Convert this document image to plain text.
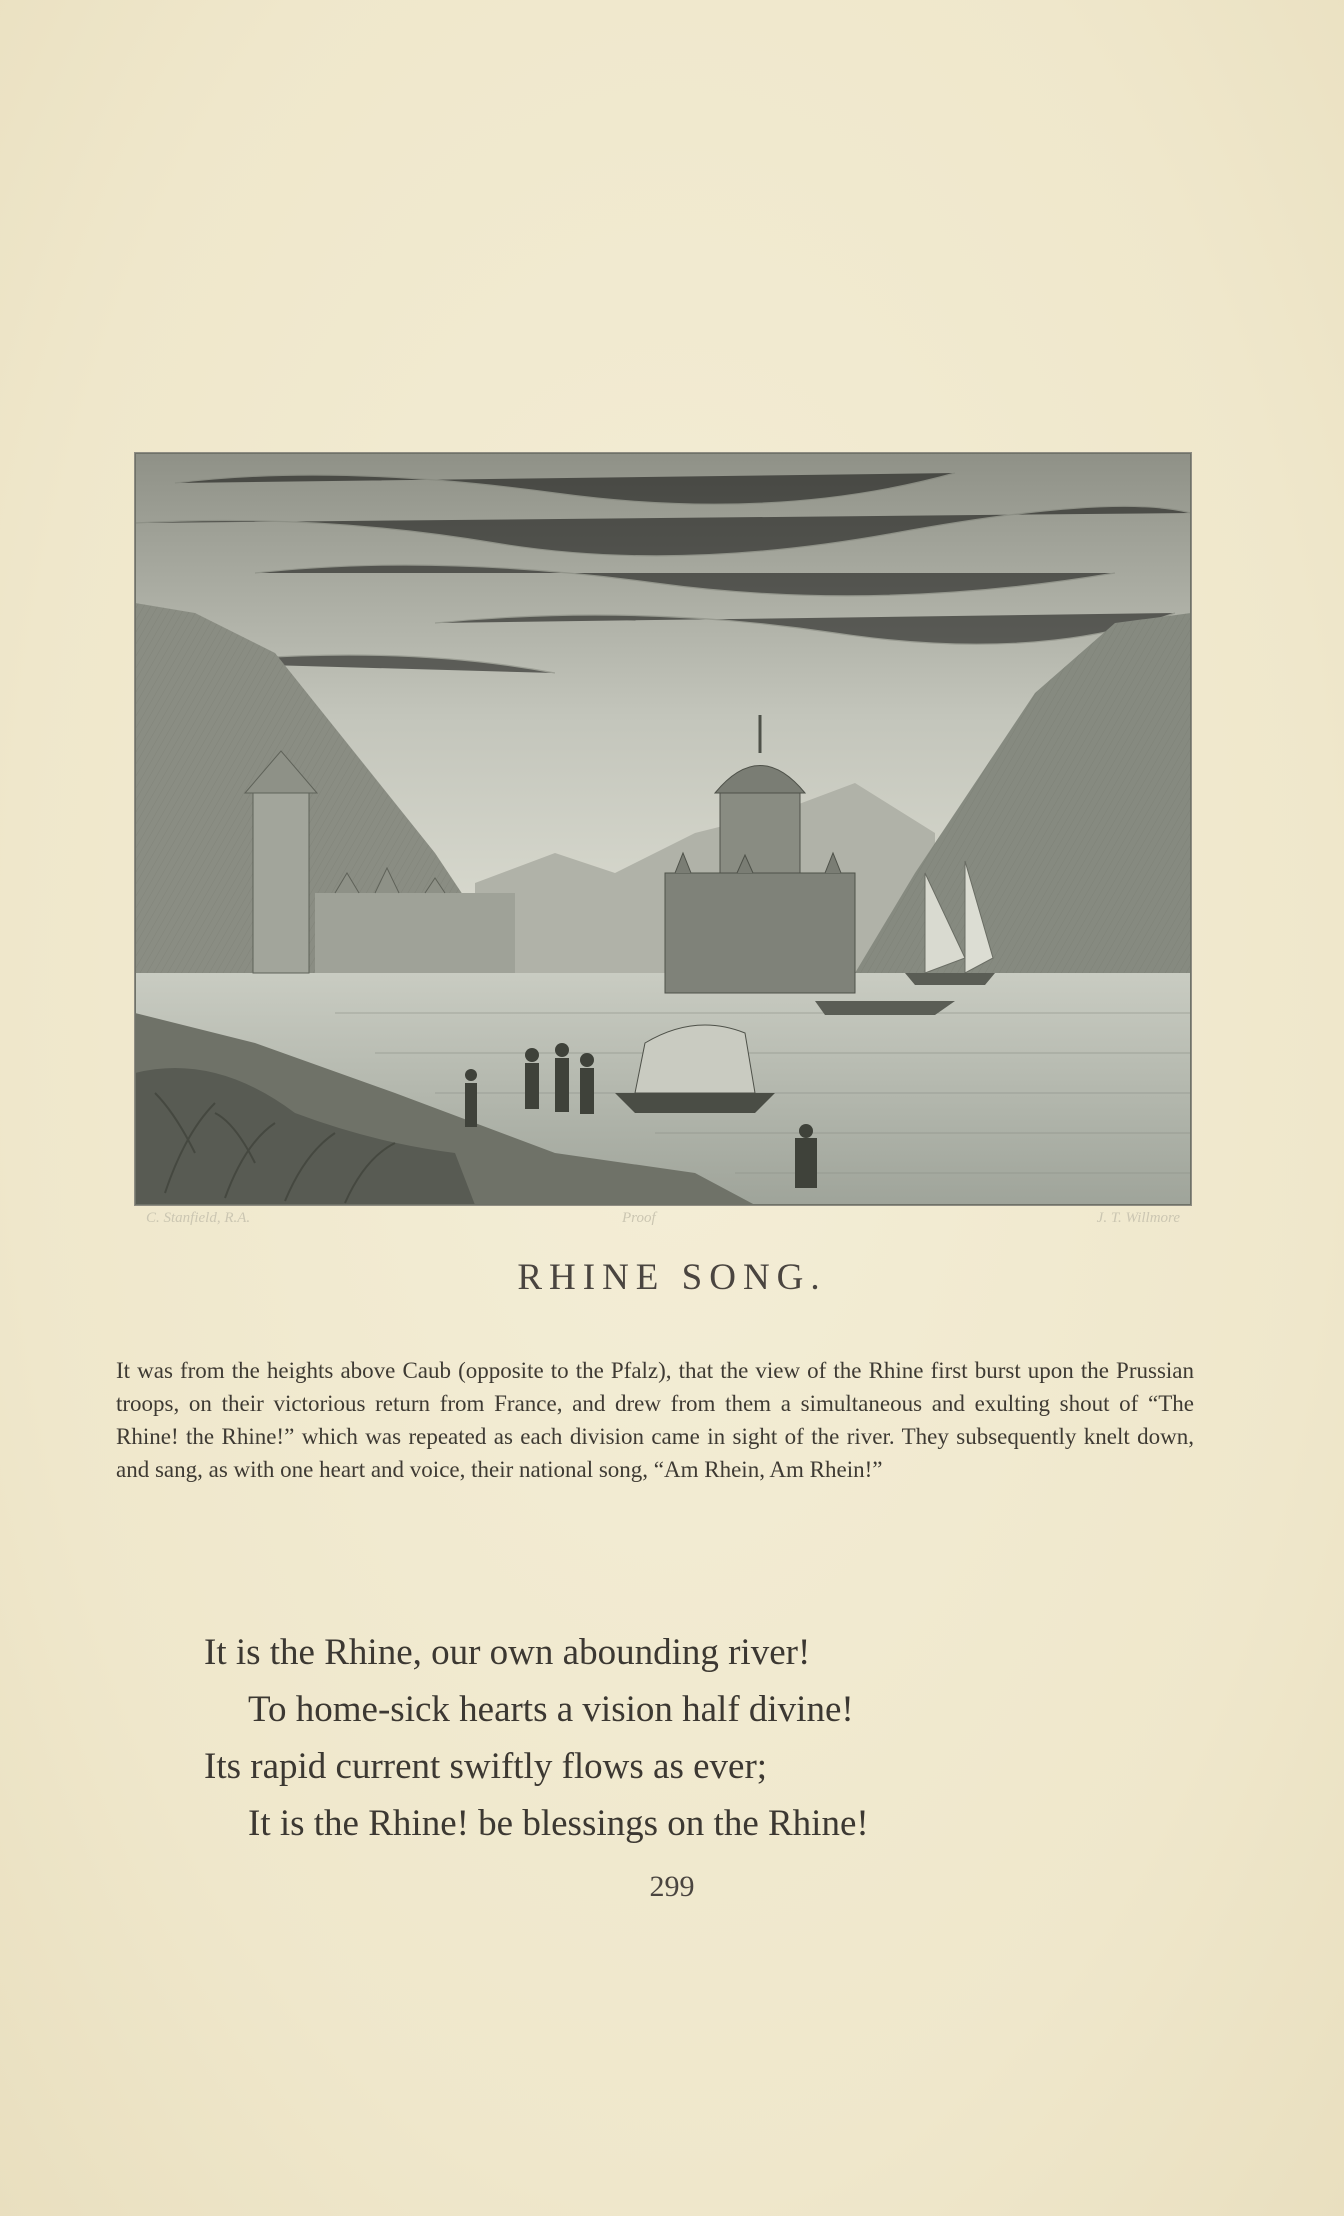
C. Stanfield, R.A.	Proof	J. T. Willmore
RHINE SONG.
It was from the heights above Caub (opposite to the Pfalz), that the view of the Rhine first burst upon the Prussian troops, on their victorious return from France, and drew from them a simultaneous and exulting shout of “The Rhine! the Rhine!” which was repeated as each division came in sight of the river. They subsequently knelt down, and sang, as with one heart and voice, their national song, “Am Rhein, Am Rhein!”
It is the Rhine, our own abounding river!
To home-sick hearts a vision half divine!
Its rapid current swiftly flows as ever;
It is the Rhine! be blessings on the Rhine!
299
